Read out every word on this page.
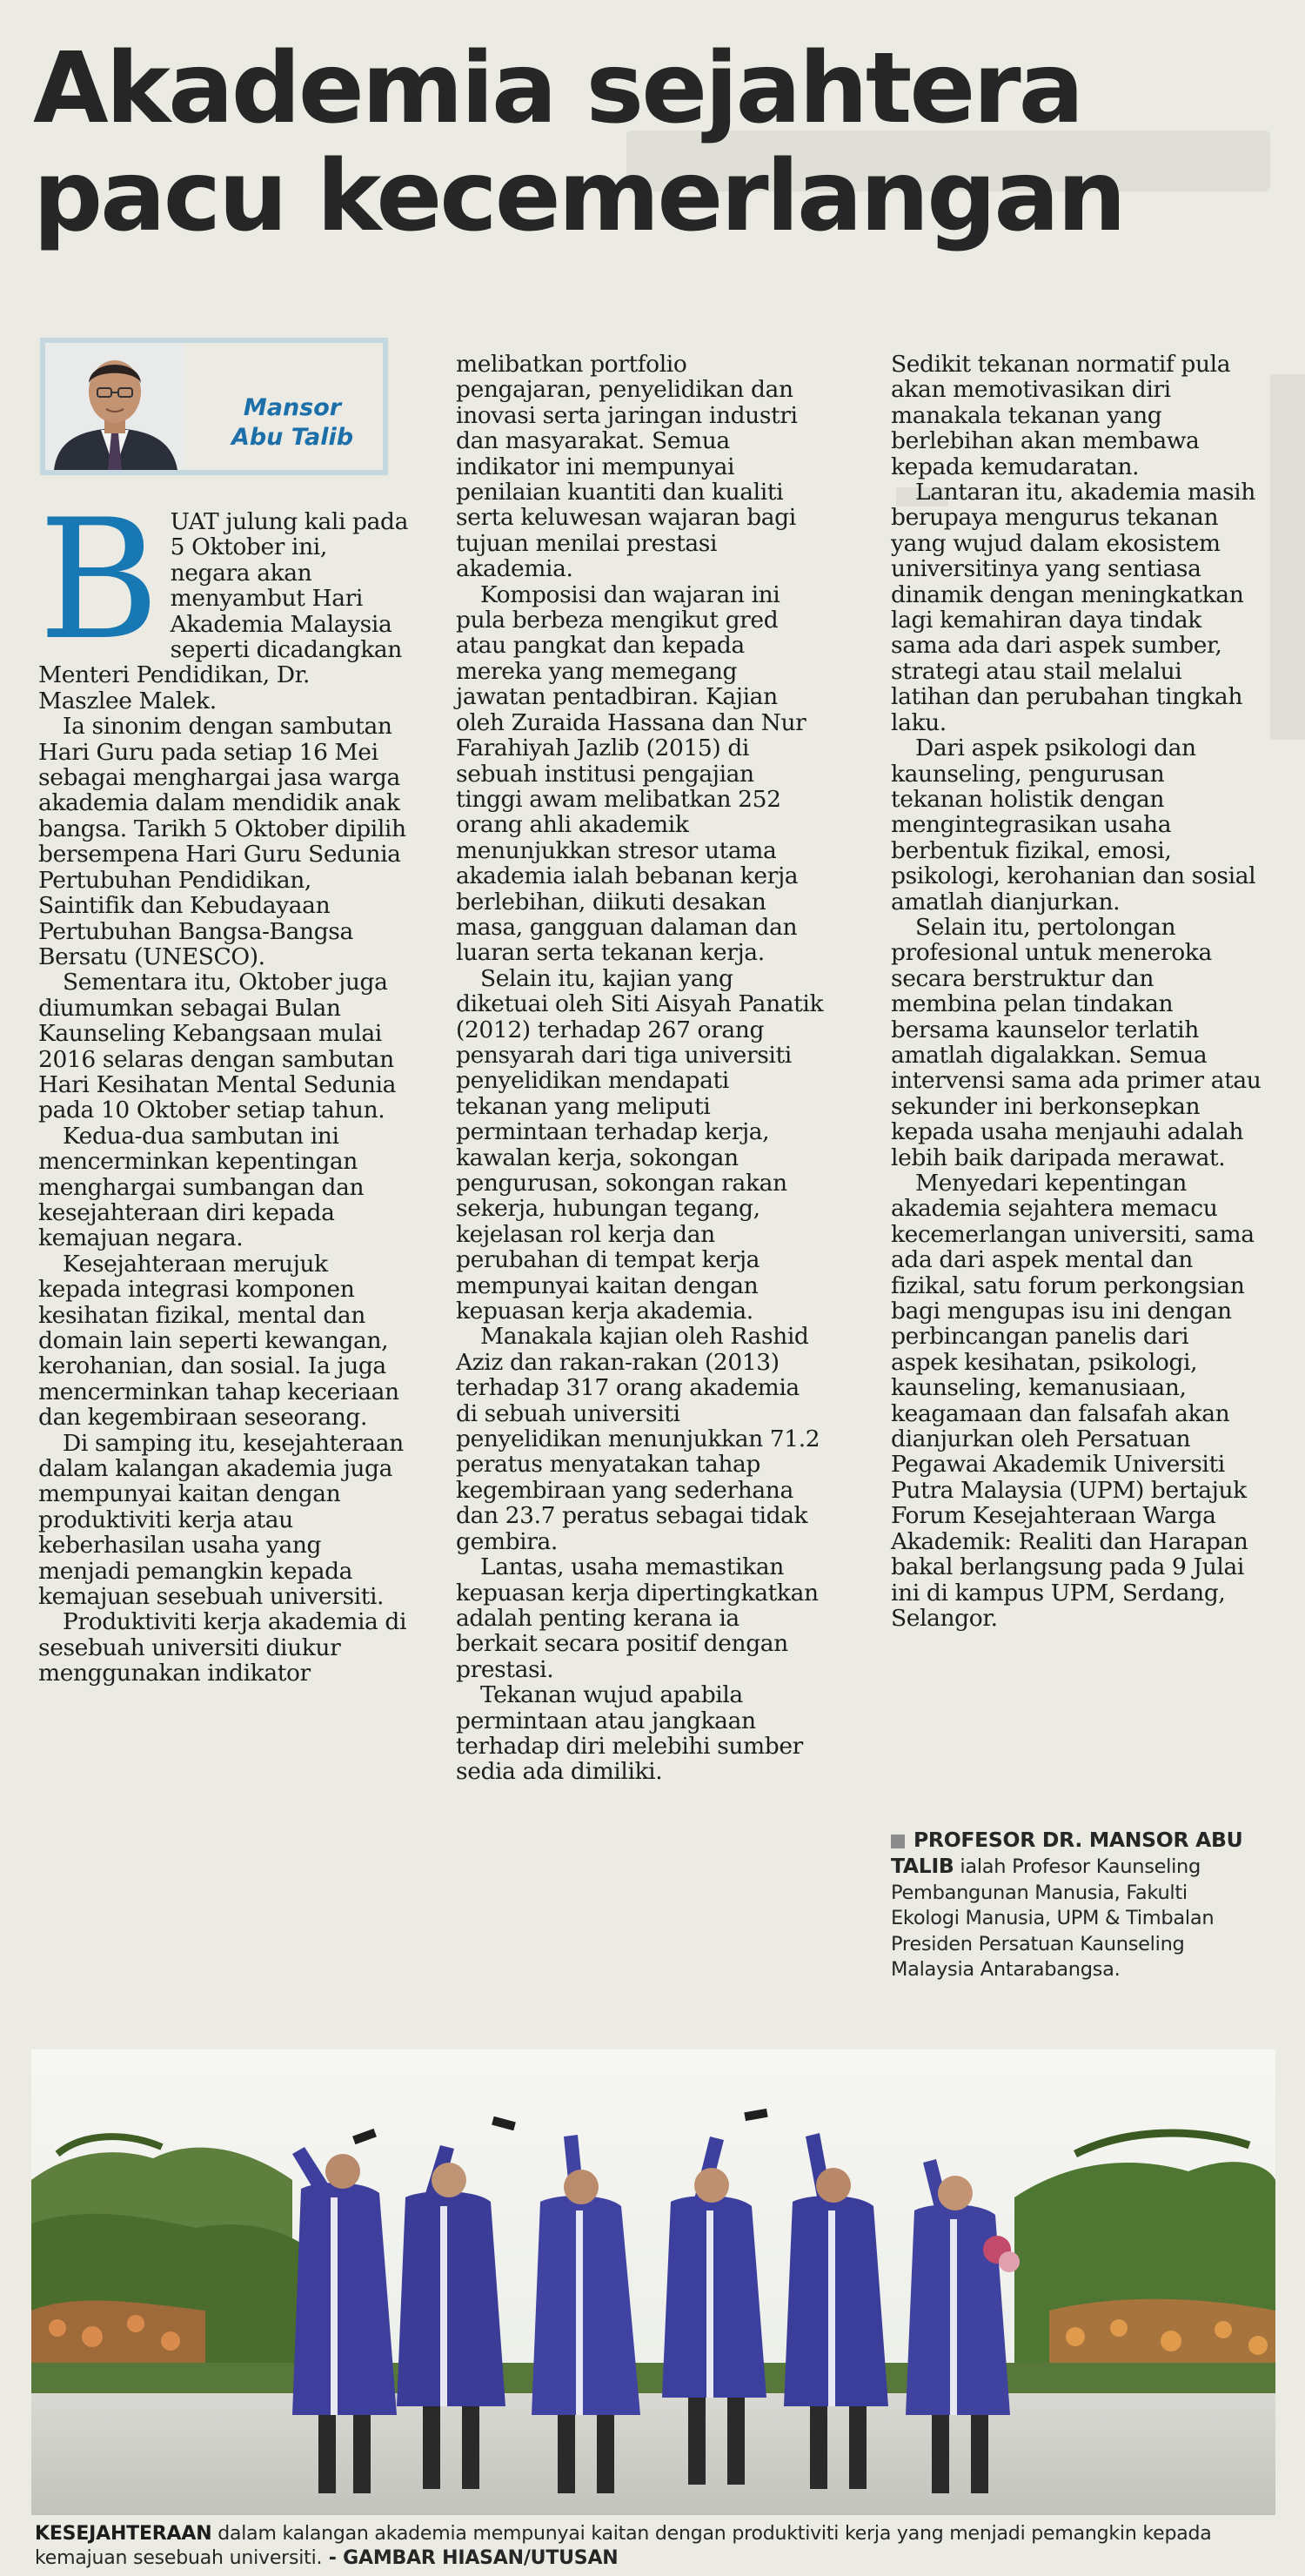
Akademia sejahtera
pacu kecemerlangan
Mansor
Abu Talib

BUAT julung kali pada 5 Oktober ini, negara akan menyambut Hari Akademia Malaysia seperti dicadangkan Menteri Pendidikan, Dr. Maszlee Malek.

Ia sinonim dengan sambutan Hari Guru pada setiap 16 Mei sebagai menghargai jasa warga akademia dalam mendidik anak bangsa. Tarikh 5 Oktober dipilih bersempena Hari Guru Sedunia Pertubuhan Pendidikan, Saintifik dan Kebudayaan Pertubuhan Bangsa-Bangsa Bersatu (UNESCO).

Sementara itu, Oktober juga diumumkan sebagai Bulan Kaunseling Kebangsaan mulai 2016 selaras dengan sambutan Hari Kesihatan Mental Sedunia pada 10 Oktober setiap tahun.

Kedua-dua sambutan ini mencerminkan kepentingan menghargai sumbangan dan kesejahteraan diri kepada kemajuan negara.

Kesejahteraan merujuk kepada integrasi komponen kesihatan fizikal, mental dan domain lain seperti kewangan, kerohanian, dan sosial. Ia juga mencerminkan tahap keceriaan dan kegembiraan seseorang.

Di samping itu, kesejahteraan dalam kalangan akademia juga mempunyai kaitan dengan produktiviti kerja atau keberhasilan usaha yang menjadi pemangkin kepada kemajuan sesebuah universiti.

Produktiviti kerja akademia di sesebuah universiti diukur menggunakan indikator

melibatkan portfolio pengajaran, penyelidikan dan inovasi serta jaringan industri dan masyarakat. Semua indikator ini mempunyai penilaian kuantiti dan kualiti serta keluwesan wajaran bagi tujuan menilai prestasi akademia.

Komposisi dan wajaran ini pula berbeza mengikut gred atau pangkat dan kepada mereka yang memegang jawatan pentadbiran. Kajian oleh Zuraida Hassana dan Nur Farahiyah Jazlib (2015) di sebuah institusi pengajian tinggi awam melibatkan 252 orang ahli akademik menunjukkan stresor utama akademia ialah bebanan kerja berlebihan, diikuti desakan masa, gangguan dalaman dan luaran serta tekanan kerja.

Selain itu, kajian yang diketuai oleh Siti Aisyah Panatik (2012) terhadap 267 orang pensyarah dari tiga universiti penyelidikan mendapati tekanan yang meliputi permintaan terhadap kerja, kawalan kerja, sokongan pengurusan, sokongan rakan sekerja, hubungan tegang, kejelasan rol kerja dan perubahan di tempat kerja mempunyai kaitan dengan kepuasan kerja akademia.

Manakala kajian oleh Rashid Aziz dan rakan-rakan (2013) terhadap 317 orang akademia di sebuah universiti penyelidikan menunjukkan 71.2 peratus menyatakan tahap kegembiraan yang sederhana dan 23.7 peratus sebagai tidak gembira.

Lantas, usaha memastikan kepuasan kerja dipertingkatkan adalah penting kerana ia berkait secara positif dengan prestasi.

Tekanan wujud apabila permintaan atau jangkaan terhadap diri melebihi sumber sedia ada dimiliki.

Sedikit tekanan normatif pula akan memotivasikan diri manakala tekanan yang berlebihan akan membawa kepada kemudaratan.

Lantaran itu, akademia masih berupaya mengurus tekanan yang wujud dalam ekosistem universitinya yang sentiasa dinamik dengan meningkatkan lagi kemahiran daya tindak sama ada dari aspek sumber, strategi atau stail melalui latihan dan perubahan tingkah laku.

Dari aspek psikologi dan kaunseling, pengurusan tekanan holistik dengan mengintegrasikan usaha berbentuk fizikal, emosi, psikologi, kerohanian dan sosial amatlah dianjurkan.

Selain itu, pertolongan profesional untuk meneroka secara berstruktur dan membina pelan tindakan bersama kaunselor terlatih amatlah digalakkan. Semua intervensi sama ada primer atau sekunder ini berkonsepkan kepada usaha menjauhi adalah lebih baik daripada merawat.

Menyedari kepentingan akademia sejahtera memacu kecemerlangan universiti, sama ada dari aspek mental dan fizikal, satu forum perkongsian bagi mengupas isu ini dengan perbincangan panelis dari aspek kesihatan, psikologi, kaunseling, kemanusiaan, keagamaan dan falsafah akan dianjurkan oleh Persatuan Pegawai Akademik Universiti Putra Malaysia (UPM) bertajuk Forum Kesejahteraan Warga Akademik: Realiti dan Harapan bakal berlangsung pada 9 Julai ini di kampus UPM, Serdang, Selangor.

PROFESOR DR. MANSOR ABU TALIB ialah Profesor Kaunseling Pembangunan Manusia, Fakulti Ekologi Manusia, UPM & Timbalan Presiden Persatuan Kaunseling Malaysia Antarabangsa.
KESEJAHTERAAN dalam kalangan akademia mempunyai kaitan dengan produktiviti kerja yang menjadi pemangkin kepada kemajuan sesebuah universiti. - GAMBAR HIASAN/UTUSAN
